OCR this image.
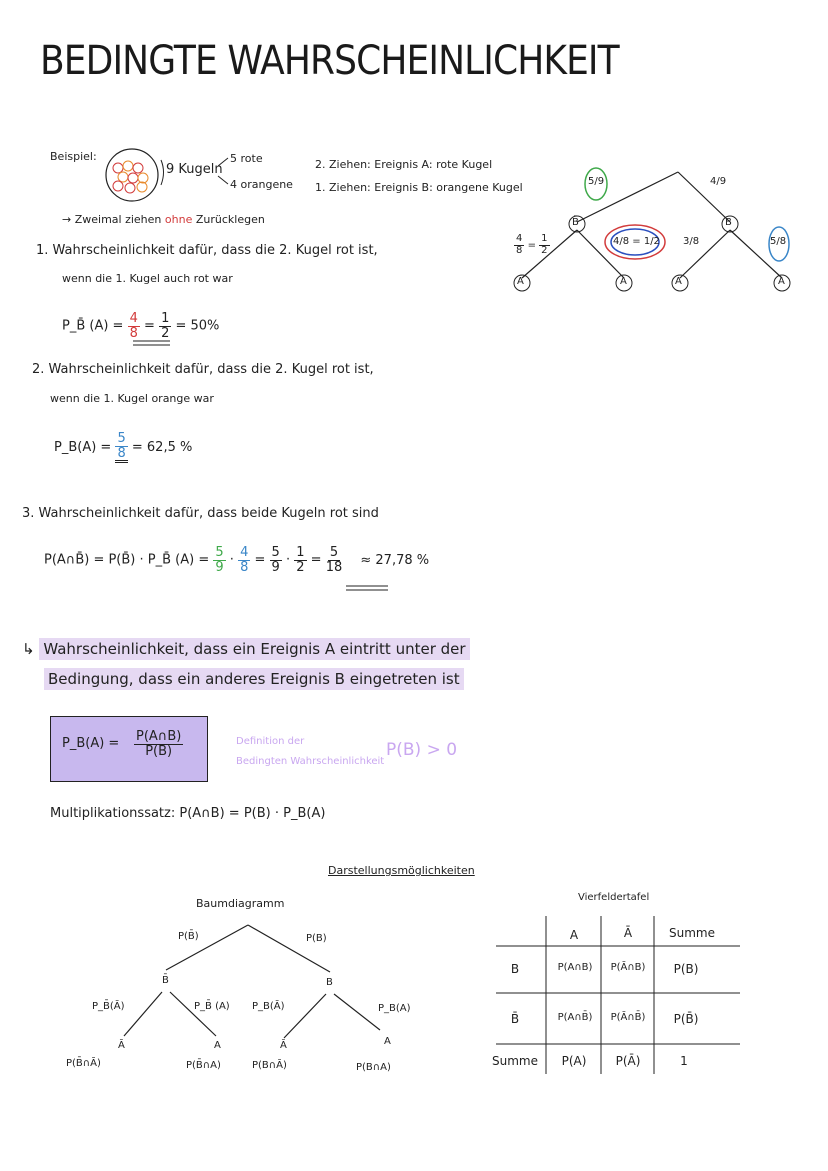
BEDINGTE WAHRSCHEINLICHKEIT
Beispiel:
9 Kugeln
5 rote
4 orangene
2. Ziehen: Ereignis A: rote Kugel
1. Ziehen: Ereignis B: orangene Kugel
→ Zweimal ziehen ohne Zurücklegen
5/9	4/9
B̄	B
$\frac{4}{8} = \frac{1}{2}$	4/8 = 1/2 3/8	5/8
Ā	A	Ā	A
1. Wahrscheinlichkeit dafür, dass die 2. Kugel rot ist,
wenn die 1. Kugel auch rot war
P_B̄ $(A) = \frac{4}{8} = \frac{1}{2} = 50\%$
2. Wahrscheinlichkeit dafür, dass die 2. Kugel rot ist,
wenn die 1. Kugel orange war
P_B(A) = $\frac{5}{8} = 62,5$ %
3. Wahrscheinlichkeit dafür, dass beide Kugeln rot sind
P(A∩B̄) = P(B̄) · P_B̄ $(A) = \frac{5}{9} \cdot \frac{4}{8} = \frac{5}{9} \cdot \frac{1}{2} = \frac{5}{18} \approx 27,78$ %
↳ Wahrscheinlichkeit, dass ein Ereignis A eintritt unter der
Bedingung, dass ein anderes Ereignis B eingetreten ist
P_B(A) = $\frac{P(A\cap B)}{P(B)}$	Definition der
Bedingten Wahrscheinlichkeit
P(B) > 0
Multiplikationssatz: P(A∩B) = P(B) · P_B(A)
Darstellungsmöglichkeiten
Baumdiagramm
P(B̄)	P(B)
B̄	B
P_B̄(Ā)	P_B̄ (A) P_B(Ā)	P_B(A)
Ā	A	Ā	A
P(B̄∩Ā)	P(B̄∩A)	P(B∩Ā)	P(B∩A)
Vierfeldertafel
A	Ā	Summe
B	P(A∩B)	P(Ā∩B)	P(B)
B̄	P(A∩B̄)	P(Ā∩B̄)	P(B̄)
Summe	P(A)	P(Ā)	1
